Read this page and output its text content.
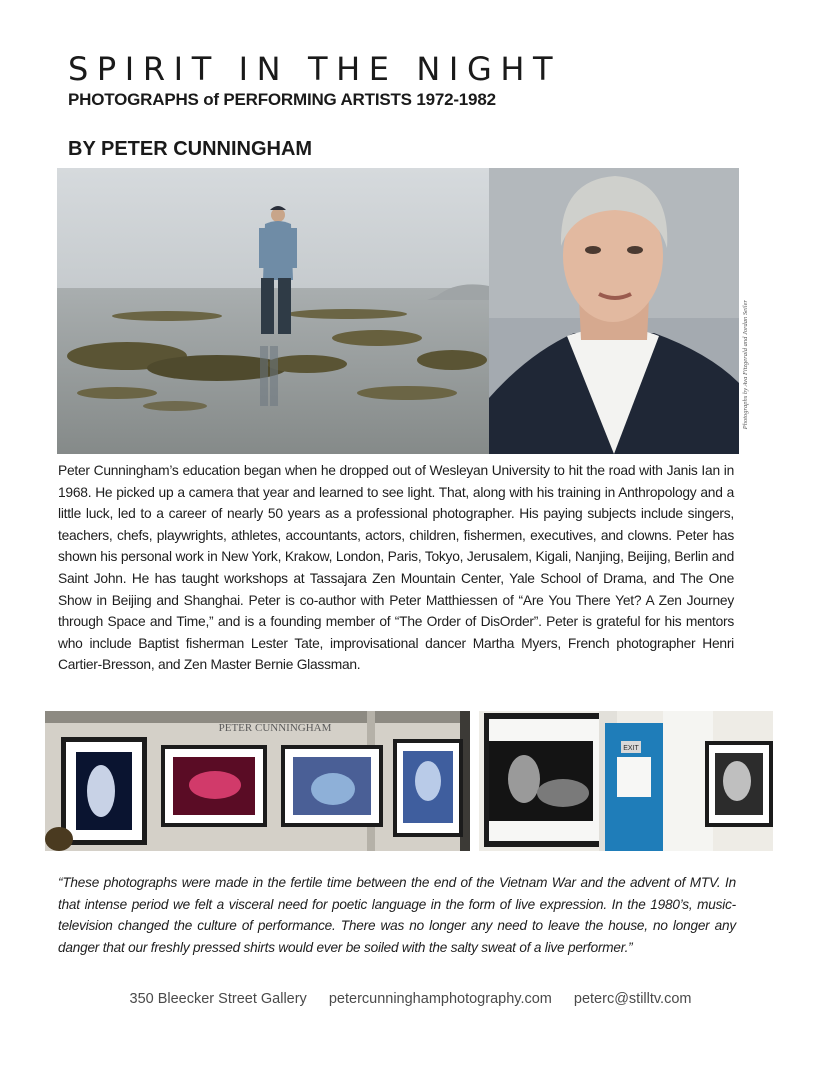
SPIRIT IN THE NIGHT
PHOTOGRAPHS of PERFORMING ARTISTS 1972-1982
BY PETER CUNNINGHAM
Photographs by Ava Fitzgerald and Jordan Seiler

Peter Cunningham’s education began when he dropped out of Wesleyan University to hit the road with Janis Ian in 1968. He picked up a camera that year and learned to see light. That, along with his training in Anthropology and a little luck, led to a career of nearly 50 years as a professional photographer. His paying subjects include singers, teachers, chefs, playwrights, athletes, accountants, actors, children, fishermen, executives, and clowns. Peter has shown his personal work in New York, Krakow, London, Paris, Tokyo, Jerusalem, Kigali, Nanjing, Beijing, Berlin and Saint John. He has taught workshops at Tassajara Zen Mountain Center, Yale School of Drama, and The One Show in Beijing and Shanghai. Peter is co-author with Peter Matthiessen of “Are You There Yet? A Zen Journey through Space and Time,” and is a founding member of “The Order of DisOrder”. Peter is grateful for his mentors who include Baptist fisherman Lester Tate, improvisational dancer Martha Myers, French photographer Henri Cartier-Bresson, and Zen Master Bernie Glassman.

PETER CUNNINGHAM
EXIT

“These photographs were made in the fertile time between the end of the Vietnam War and the advent of MTV. In that intense period we felt a visceral need for poetic language in the form of live expression. In the 1980’s, music-television changed the culture of performance. There was no longer any need to leave the house, no longer any danger that our freshly pressed shirts would ever be soiled with the salty sweat of a live performer.”

350 Bleecker Street Gallery petercunninghamphotography.com peterc@stilltv.com
